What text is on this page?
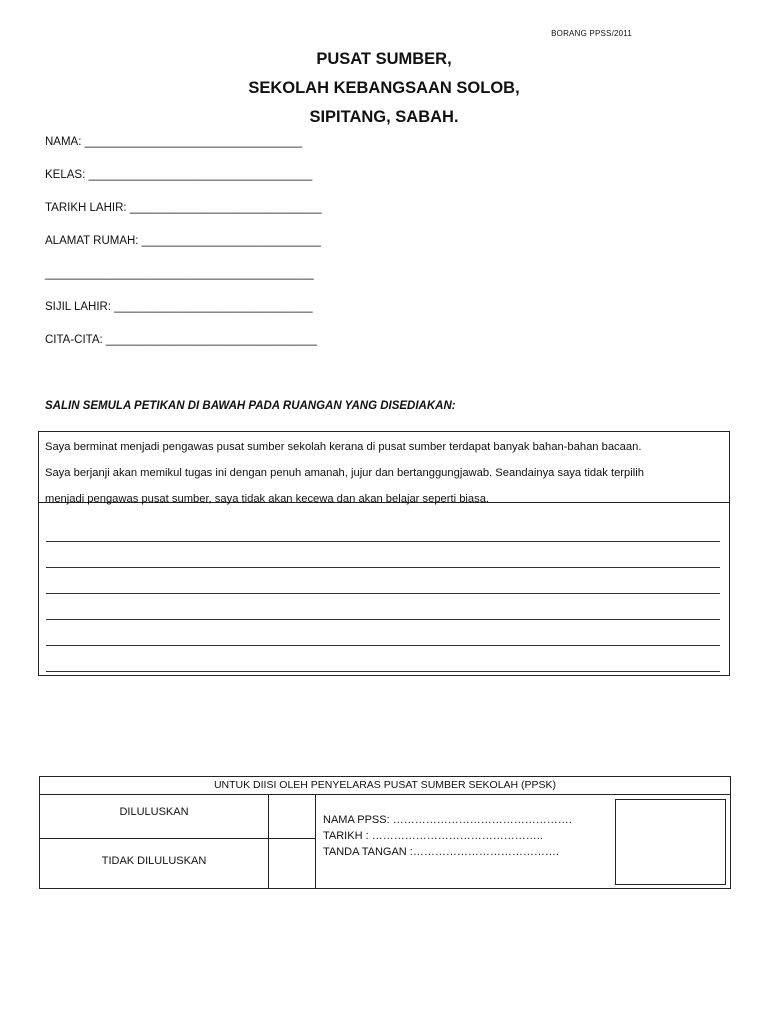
BORANG PPSS/2011
PUSAT SUMBER,
SEKOLAH KEBANGSAAN SOLOB,
SIPITANG, SABAH.
NAMA: __________________________________
KELAS: ___________________________________
TARIKH LAHIR: ______________________________
ALAMAT RUMAH: ____________________________
__________________________________________
SIJIL LAHIR: _______________________________
CITA-CITA: _________________________________
SALIN SEMULA PETIKAN DI BAWAH PADA RUANGAN YANG DISEDIAKAN:
Saya berminat menjadi pengawas pusat sumber sekolah kerana di pusat sumber terdapat banyak bahan-bahan bacaan.
Saya berjanji akan memikul tugas ini dengan penuh amanah, jujur dan bertanggungjawab. Seandainya saya tidak terpilih
menjadi pengawas pusat sumber, saya tidak akan kecewa dan akan belajar seperti biasa.
UNTUK DIISI OLEH PENYELARAS PUSAT SUMBER SEKOLAH (PPSK)
DILULUSKAN
TIDAK DILULUSKAN
NAMA PPSS: ………………………………………….
TARIKH : ………………………………………..
TANDA TANGAN :………………………………….
